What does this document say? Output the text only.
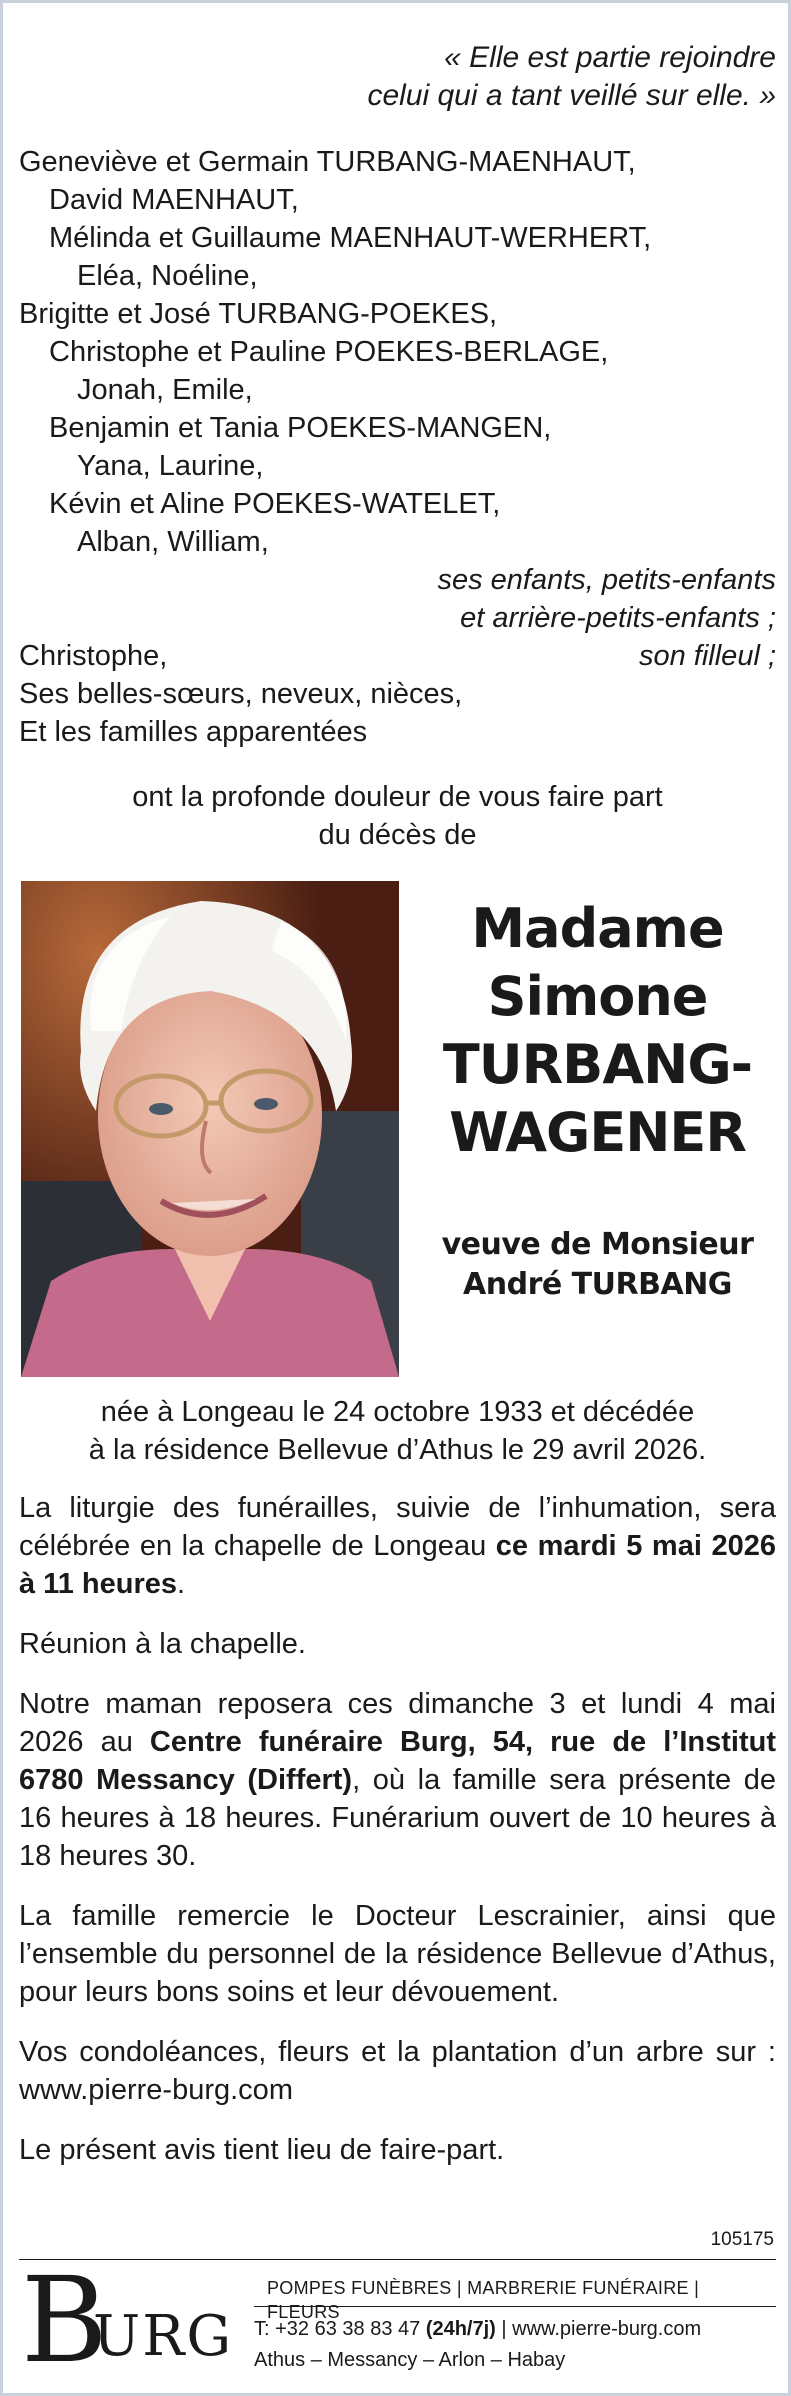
« Elle est partie rejoindre
celui qui a tant veillé sur elle. »
Geneviève et Germain TURBANG-MAENHAUT,
David MAENHAUT,
Mélinda et Guillaume MAENHAUT-WERHERT,
Eléa, Noéline,
Brigitte et José TURBANG-POEKES,
Christophe et Pauline POEKES-BERLAGE,
Jonah, Emile,
Benjamin et Tania POEKES-MANGEN,
Yana, Laurine,
Kévin et Aline POEKES-WATELET,
Alban, William,
ses enfants, petits-enfants
et arrière-petits-enfants ;
Christophe,	son filleul ;
Ses belles-sœurs, neveux, nièces,
Et les familles apparentées
ont la profonde douleur de vous faire part
du décès de
Madame
Simone
TURBANG-
WAGENER
veuve de Monsieur
André TURBANG
née à Longeau le 24 octobre 1933 et décédée
à la résidence Bellevue d’Athus le 29 avril 2026.

La liturgie des funérailles, suivie de l’inhumation, sera célébrée en la chapelle de Longeau ce mardi 5 mai 2026 à 11 heures.

Réunion à la chapelle.

Notre maman reposera ces dimanche 3 et lundi 4 mai 2026 au Centre funéraire Burg, 54, rue de l’Institut 6780 Messancy (Differt), où la famille sera présente de 16 heures à 18 heures. Funérarium ouvert de 10 heures à 18 heures 30.

La famille remercie le Docteur Lescrainier, ainsi que l’ensemble du personnel de la résidence Bellevue d’Athus, pour leurs bons soins et leur dévouement.

Vos condoléances, fleurs et la plantation d’un arbre sur : www.pierre-burg.com

Le présent avis tient lieu de faire-part.

105175
B
URG
POMPES FUNÈBRES | MARBRERIE FUNÉRAIRE | FLEURS
T: +32 63 38 83 47 (24h/7j) | www.pierre-burg.com
Athus – Messancy – Arlon – Habay
